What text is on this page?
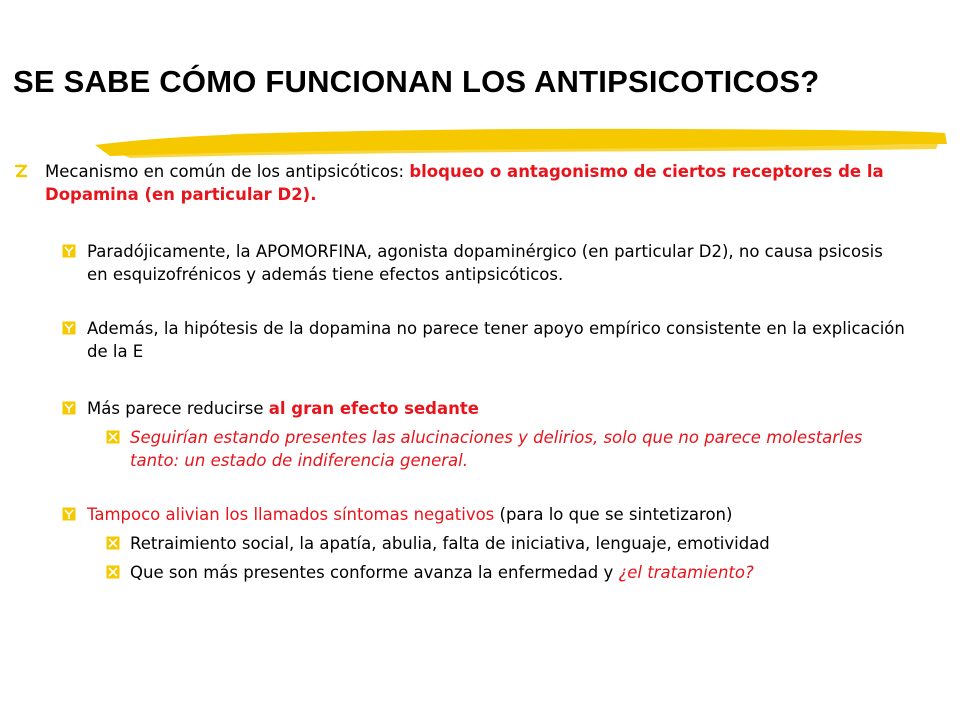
SE SABE CÓMO FUNCIONAN LOS ANTIPSICOTICOS?
Mecanismo en común de los antipsicóticos: bloqueo o antagonismo de ciertos receptores de la Dopamina (en particular D2).
Paradójicamente, la APOMORFINA, agonista dopaminérgico (en particular D2), no causa psicosis en esquizofrénicos y además tiene efectos antipsicóticos.
Además, la hipótesis de la dopamina no parece tener apoyo empírico consistente en la explicación de la E
Más parece reducirse al gran efecto sedante
Seguirían estando presentes las alucinaciones y delirios, solo que no parece molestarles tanto: un estado de indiferencia general.
Tampoco alivian los llamados síntomas negativos (para lo que se sintetizaron)
Retraimiento social, la apatía, abulia, falta de iniciativa, lenguaje, emotividad
Que son más presentes conforme avanza la enfermedad y ¿el tratamiento?
